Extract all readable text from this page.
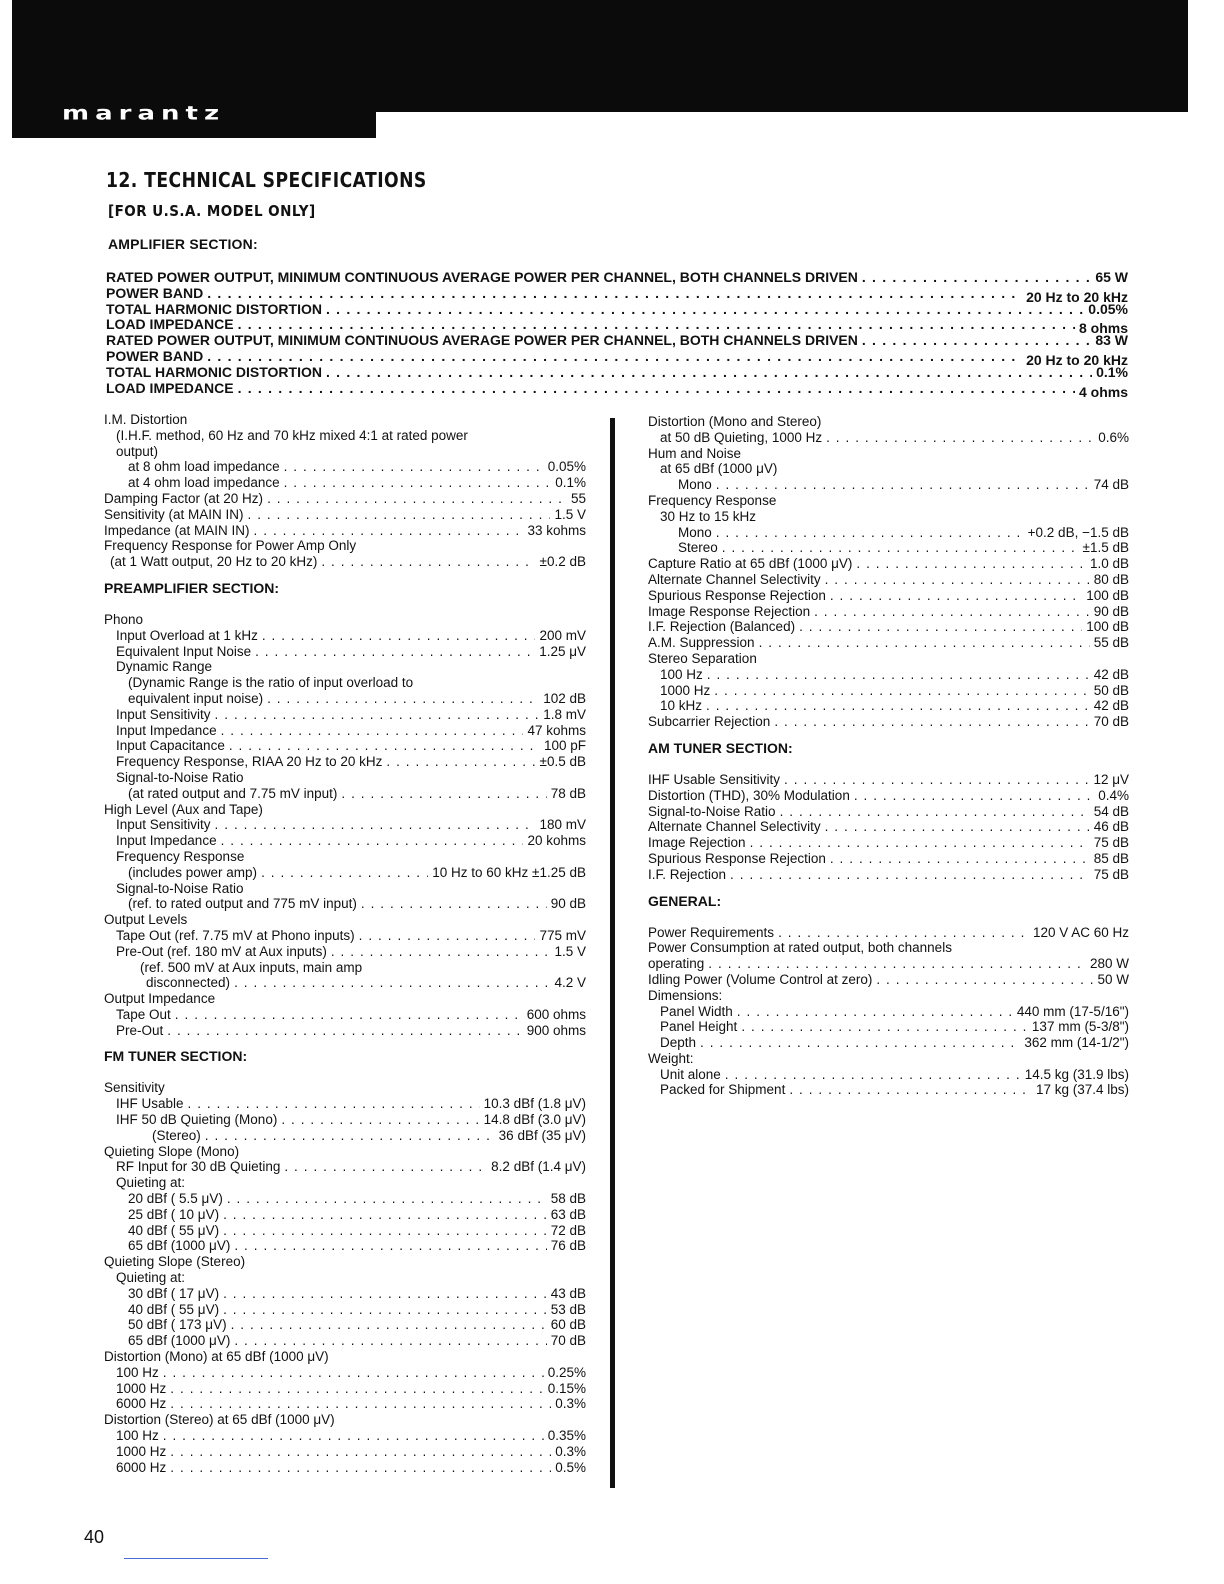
marantz
12. TECHNICAL SPECIFICATIONS
[FOR U.S.A. MODEL ONLY]
AMPLIFIER SECTION:
RATED POWER OUTPUT, MINIMUM CONTINUOUS AVERAGE POWER PER CHANNEL, BOTH CHANNELS DRIVEN . . .	65 W
POWER BAND . . .	20 Hz to 20 kHz
TOTAL HARMONIC DISTORTION . . .	0.05%
LOAD IMPEDANCE . . .	8 ohms
RATED POWER OUTPUT, MINIMUM CONTINUOUS AVERAGE POWER PER CHANNEL, BOTH CHANNELS DRIVEN . . .	83 W
POWER BAND . . .	20 Hz to 20 kHz
TOTAL HARMONIC DISTORTION . . .	0.1%
LOAD IMPEDANCE . . .	4 ohms
I.M. Distortion
(I.H.F. method, 60 Hz and 70 kHz mixed 4:1 at rated power
output)
at 8 ohm load impedance . . .	0.05%
at 4 ohm load impedance . . .	0.1%
Damping Factor (at 20 Hz) . . .	55
Sensitivity (at MAIN IN) . . .	1.5 V
Impedance (at MAIN IN) . . .	33 kohms
Frequency Response for Power Amp Only
(at 1 Watt output, 20 Hz to 20 kHz) . . .	±0.2 dB
PREAMPLIFIER SECTION:
Phono
Input Overload at 1 kHz . . .	200 mV
Equivalent Input Noise . . .	1.25 μV
Dynamic Range
(Dynamic Range is the ratio of input overload to
equivalent input noise) . . .	102 dB
Input Sensitivity . . .	1.8 mV
Input Impedance . . .	47 kohms
Input Capacitance . . .	100 pF
Frequency Response, RIAA 20 Hz to 20 kHz . . .	±0.5 dB
Signal-to-Noise Ratio
(at rated output and 7.75 mV input) . . .	78 dB
High Level (Aux and Tape)
Input Sensitivity . . .	180 mV
Input Impedance . . .	20 kohms
Frequency Response
(includes power amp) . . .	10 Hz to 60 kHz ±1.25 dB
Signal-to-Noise Ratio
(ref. to rated output and 775 mV input) . . .	90 dB
Output Levels
Tape Out (ref. 7.75 mV at Phono inputs) . . .	775 mV
Pre-Out (ref. 180 mV at Aux inputs) . . .	1.5 V
(ref. 500 mV at Aux inputs, main amp
disconnected) . . .	4.2 V
Output Impedance
Tape Out . . .	600 ohms
Pre-Out . . .	900 ohms
FM TUNER SECTION:
Sensitivity
IHF Usable . . .	10.3 dBf (1.8 μV)
IHF 50 dB Quieting (Mono) . . .	14.8 dBf (3.0 μV)
(Stereo) . . .	36 dBf (35 μV)
Quieting Slope (Mono)
RF Input for 30 dB Quieting . . .	8.2 dBf (1.4 μV)
Quieting at:
20 dBf ( 5.5 μV) . . .	58 dB
25 dBf ( 10 μV) . . .	63 dB
40 dBf ( 55 μV) . . .	72 dB
65 dBf (1000 μV) . . .	76 dB
Quieting Slope (Stereo)
Quieting at:
30 dBf ( 17 μV) . . .	43 dB
40 dBf ( 55 μV) . . .	53 dB
50 dBf ( 173 μV) . . .	60 dB
65 dBf (1000 μV) . . .	70 dB
Distortion (Mono) at 65 dBf (1000 μV)
100 Hz . . .	0.25%
1000 Hz . . .	0.15%
6000 Hz . . .	0.3%
Distortion (Stereo) at 65 dBf (1000 μV)
100 Hz . . .	0.35%
1000 Hz . . .	0.3%
6000 Hz . . .	0.5%
Distortion (Mono and Stereo)
at 50 dB Quieting, 1000 Hz . . .	0.6%
Hum and Noise
at 65 dBf (1000 μV)
Mono . . .	74 dB
Frequency Response
30 Hz to 15 kHz
Mono . . .	+0.2 dB, −1.5 dB
Stereo . . .	±1.5 dB
Capture Ratio at 65 dBf (1000 μV) . . .	1.0 dB
Alternate Channel Selectivity . . .	80 dB
Spurious Response Rejection . . .	100 dB
Image Response Rejection . . .	90 dB
I.F. Rejection (Balanced) . . .	100 dB
A.M. Suppression . . .	55 dB
Stereo Separation
100 Hz . . .	42 dB
1000 Hz . . .	50 dB
10 kHz . . .	42 dB
Subcarrier Rejection . . .	70 dB
AM TUNER SECTION:
IHF Usable Sensitivity . . .	12 μV
Distortion (THD), 30% Modulation . . .	0.4%
Signal-to-Noise Ratio . . .	54 dB
Alternate Channel Selectivity . . .	46 dB
Image Rejection . . .	75 dB
Spurious Response Rejection . . .	85 dB
I.F. Rejection . . .	75 dB
GENERAL:
Power Requirements . . .	120 V AC 60 Hz
Power Consumption at rated output, both channels
operating . . .	280 W
Idling Power (Volume Control at zero) . . .	50 W
Dimensions:
Panel Width . . .	440 mm (17-5/16")
Panel Height . . .	137 mm (5-3/8")
Depth . . .	362 mm (14-1/2")
Weight:
Unit alone . . .	14.5 kg (31.9 lbs)
Packed for Shipment . . .	17 kg (37.4 lbs)
40
